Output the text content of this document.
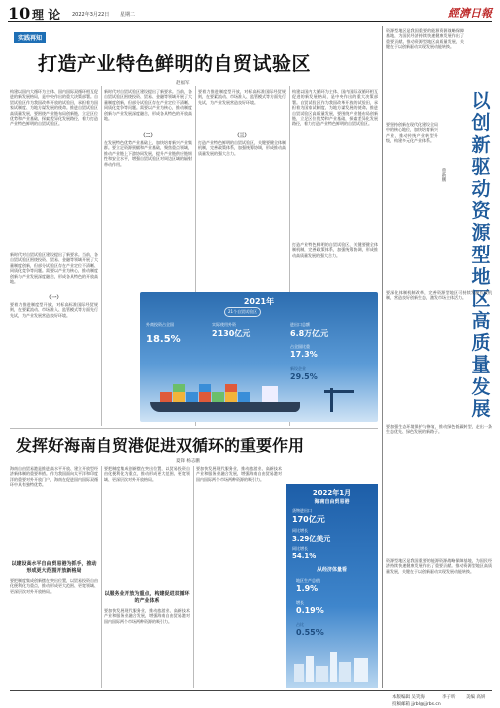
10 理 论 2022年3月22日 星期二	經濟日報
实践再知
打造产业特色鲜明的自贸试验区
赵福军
构建以国内大循环为主体、国内国际双循环相互促进的新发展格局，是中央作出的重大决策部署。自贸试验区作为我国改革开放的试验田，承担着为国家试制度、为地方谋发展的使命。推进自贸试验区高质量发展，要围绕产业链布局创新链，立足区位优势和产业基础，探索差异化发展路径，着力打造产业特色鲜明的自贸试验区。
新时代对自贸试验区建设提出了新要求。当前，各自贸试验区围绕投资、贸易、金融等领域开展了大量制度创新，但部分试验区存在产业定位不清晰、同质化竞争等问题。需要以产业为核心，推动制度创新与产业发展深度融合，形成各具特色的开放高地。
（一）
要着力推进制度型开放，对标高标准国际经贸规则，在要素流动、市场准入、监管模式等方面先行先试，为产业发展营造良好环境。
新时代对自贸试验区建设提出了新要求。当前，各自贸试验区围绕投资、贸易、金融等领域开展了大量制度创新，但部分试验区存在产业定位不清晰、同质化竞争等问题。需要以产业为核心，推动制度创新与产业发展深度融合，形成各具特色的开放高地。
（二）
在发展特色优势产业基础上，加快培育新兴产业集群。要立足资源禀赋和产业基础，聚焦重点领域，推动产业链上下游协同发展，提升产业链供应链韧性和安全水平，增强自贸试验区对周边区域的辐射带动作用。
要着力推进制度型开放，对标高标准国际经贸规则，在要素流动、市场准入、监管模式等方面先行先试，为产业发展营造良好环境。
（三）
打造产业特色鲜明的自贸试验区，关键要健全体制机制，完善政策体系，加强统筹协调，形成推动高质量发展的强大合力。
构建以国内大循环为主体、国内国际双循环相互促进的新发展格局，是中央作出的重大决策部署。自贸试验区作为我国改革开放的试验田，承担着为国家试制度、为地方谋发展的使命。推进自贸试验区高质量发展，要围绕产业链布局创新链，立足区位优势和产业基础，探索差异化发展路径，着力打造产业特色鲜明的自贸试验区。
打造产业特色鲜明的自贸试验区，关键要健全体制机制，完善政策体系，加强统筹协调，形成推动高质量发展的强大合力。
2021年
21个自贸试验区
外商投资占全国
18.5%
实际使用外资
2130亿元
进出口总额
6.8万亿元
占全国比重
17.3%
新设企业
29.5%
发挥好海南自贸港促进双循环的重要作用
夏锋 杨志鹏
海南自由贸易港是推进高水平开放、建立开放型经济新体制的重要举措。作为我国面向太平洋和印度洋的重要对外开放门户，海南在促进国内国际双循环中具有独特优势。
以建设高水平自由贸易港为抓手，推动形成更大范围开放新格局
要把制度集成创新摆在突出位置，以贸易投资自由化便利化为重点，推动形成更大范围、更宽领域、更深层次对外开放格局。
要把制度集成创新摆在突出位置，以贸易投资自由化便利化为重点，推动形成更大范围、更宽领域、更深层次对外开放格局。
以服务业开放为重点，构建促进双循环的产业体系
要加快发展现代服务业，推动旅游业、高新技术产业和服务业融合发展，增强海南自由贸易港对国内国际两个市场两种资源的吸引力。
要加快发展现代服务业，推动旅游业、高新技术产业和服务业融合发展，增强海南自由贸易港对国内国际两个市场两种资源的吸引力。
2022年1月
海南自由贸易港
货物进出口
170亿元
同比增长
3.29亿美元
同比增长
54.1%
从经济体量看
地区生产总值
1.9%
增长
0.19%
占比
0.55%
资源型地区是我国重要的能源资源战略保障基地，为国民经济持续快速健康发展作出了重要贡献。推动资源型地区高质量发展，关键在于以创新驱动实现发展动能转换。
以创新驱动资源型地区高质量发展
曾新鹏
要坚持创新在现代化建设全局中的核心地位，加快培育新兴产业，推动传统产业转型升级，构建多元化产业体系。
要深化体制机制改革，完善资源型地区可持续发展长效机制，营造良好创新生态，激发市场主体活力。
要加强生态环境保护与修复，推动绿色低碳转型，走出一条生态优先、绿色发展的新路子。
资源型地区是我国重要的能源资源战略保障基地，为国民经济持续快速健康发展作出了重要贡献。推动资源型地区高质量发展，关键在于以创新驱动实现发展动能转换。
本版编辑 吴笑海	李子昕 美编 高妍
投稿邮箱 jjrbl@jjrbs.cn
